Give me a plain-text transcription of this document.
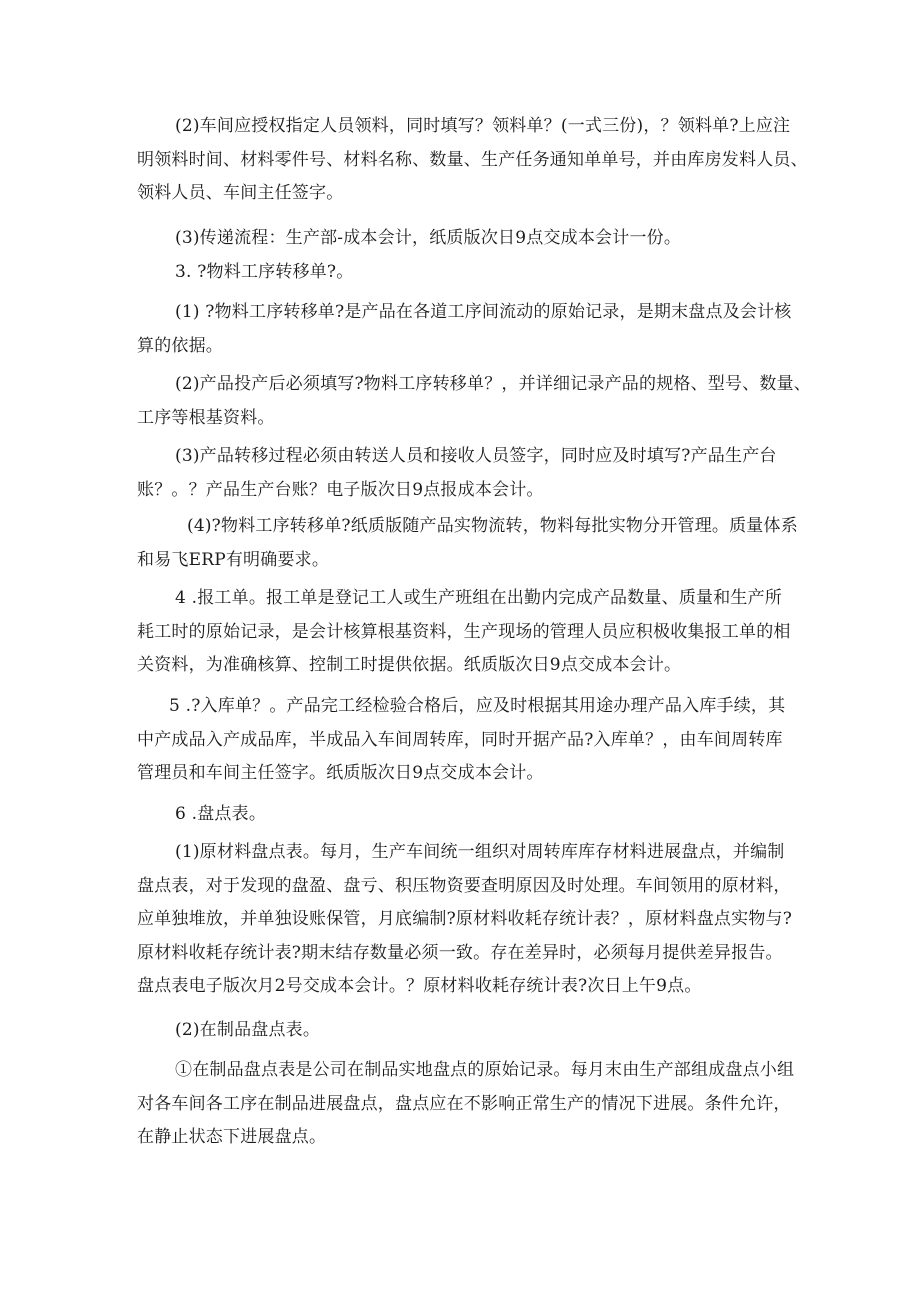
(2)车间应授权指定人员领料，同时填写？领料单？(一式三份)，？领料单?上应注
明领料时间、材料零件号、材料名称、数量、生产任务通知单单号，并由库房发料人员、
领料人员、车间主任签字。
(3)传递流程：生产部-成本会计，纸质版次日9点交成本会计一份。
3. ?物料工序转移单?。
(1) ?物料工序转移单?是产品在各道工序间流动的原始记录，是期末盘点及会计核
算的依据。
(2)产品投产后必须填写?物料工序转移单？，并详细记录产品的规格、型号、数量、
工序等根基资料。
(3)产品转移过程必须由转送人员和接收人员签字，同时应及时填写?产品生产台
账？。？产品生产台账？电子版次日9点报成本会计。
(4)?物料工序转移单?纸质版随产品实物流转，物料每批实物分开管理。质量体系
和易飞ERP有明确要求。
4 .报工单。报工单是登记工人或生产班组在出勤内完成产品数量、质量和生产所
耗工时的原始记录，是会计核算根基资料，生产现场的管理人员应积极收集报工单的相
关资料，为准确核算、控制工时提供依据。纸质版次日9点交成本会计。
5 .?入库单？。产品完工经检验合格后，应及时根据其用途办理产品入库手续，其
中产成品入产成品库，半成品入车间周转库，同时开据产品?入库单？，由车间周转库
管理员和车间主任签字。纸质版次日9点交成本会计。
6 .盘点表。
(1)原材料盘点表。每月，生产车间统一组织对周转库库存材料进展盘点，并编制
盘点表，对于发现的盘盈、盘亏、积压物资要查明原因及时处理。车间领用的原材料，
应单独堆放，并单独设账保管，月底编制?原材料收耗存统计表？，原材料盘点实物与?
原材料收耗存统计表?期末结存数量必须一致。存在差异时，必须每月提供差异报告。
盘点表电子版次月2号交成本会计。？原材料收耗存统计表?次日上午9点。
(2)在制品盘点表。
①在制品盘点表是公司在制品实地盘点的原始记录。每月末由生产部组成盘点小组
对各车间各工序在制品进展盘点，盘点应在不影响正常生产的情况下进展。条件允许，
在静止状态下进展盘点。
